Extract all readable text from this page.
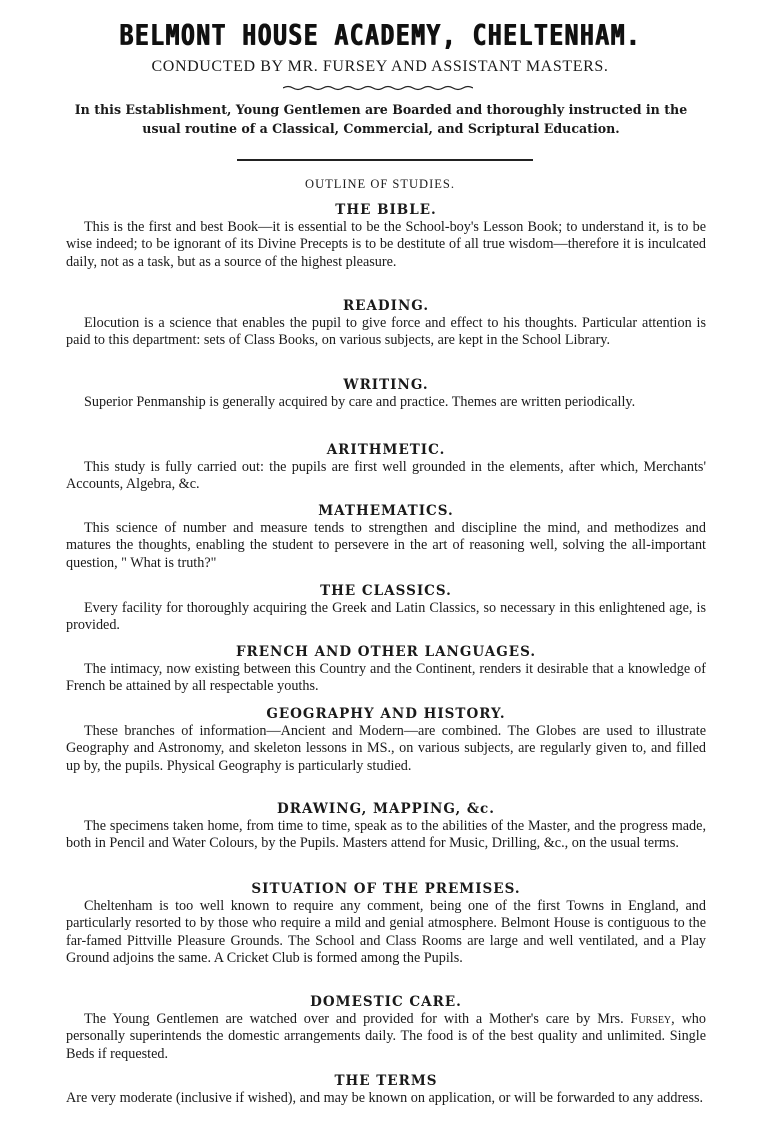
BELMONT HOUSE ACADEMY, CHELTENHAM.
CONDUCTED BY MR. FURSEY AND ASSISTANT MASTERS.
In this Establishment, Young Gentlemen are Boarded and thoroughly instructed in the usual routine of a Classical, Commercial, and Scriptural Education.
OUTLINE OF STUDIES.
THE BIBLE.

This is the first and best Book—it is essential to be the School-boy's Lesson Book; to understand it, is to be wise indeed; to be ignorant of its Divine Precepts is to be destitute of all true wisdom—therefore it is inculcated daily, not as a task, but as a source of the highest pleasure.

READING.

Elocution is a science that enables the pupil to give force and effect to his thoughts. Particular attention is paid to this department: sets of Class Books, on various subjects, are kept in the School Library.

WRITING.

Superior Penmanship is generally acquired by care and practice. Themes are written periodically.

ARITHMETIC.

This study is fully carried out: the pupils are first well grounded in the elements, after which, Merchants' Accounts, Algebra, &c.

MATHEMATICS.

This science of number and measure tends to strengthen and discipline the mind, and methodizes and matures the thoughts, enabling the student to persevere in the art of reasoning well, solving the all-important question, " What is truth?"

THE CLASSICS.

Every facility for thoroughly acquiring the Greek and Latin Classics, so necessary in this enlightened age, is provided.

FRENCH AND OTHER LANGUAGES.

The intimacy, now existing between this Country and the Continent, renders it desirable that a knowledge of French be attained by all respectable youths.

GEOGRAPHY AND HISTORY.

These branches of information—Ancient and Modern—are combined. The Globes are used to illustrate Geography and Astronomy, and skeleton lessons in MS., on various subjects, are regularly given to, and filled up by, the pupils. Physical Geography is particularly studied.

DRAWING, MAPPING, &c.

The specimens taken home, from time to time, speak as to the abilities of the Master, and the progress made, both in Pencil and Water Colours, by the Pupils. Masters attend for Music, Drilling, &c., on the usual terms.

SITUATION OF THE PREMISES.

Cheltenham is too well known to require any comment, being one of the first Towns in England, and particularly resorted to by those who require a mild and genial atmosphere. Belmont House is contiguous to the far-famed Pittville Pleasure Grounds. The School and Class Rooms are large and well ventilated, and a Play Ground adjoins the same. A Cricket Club is formed among the Pupils.

DOMESTIC CARE.

The Young Gentlemen are watched over and provided for with a Mother's care by Mrs. Fursey, who personally superintends the domestic arrangements daily. The food is of the best quality and unlimited. Single Beds if requested.

THE TERMS

Are very moderate (inclusive if wished), and may be known on application, or will be forwarded to any address.
